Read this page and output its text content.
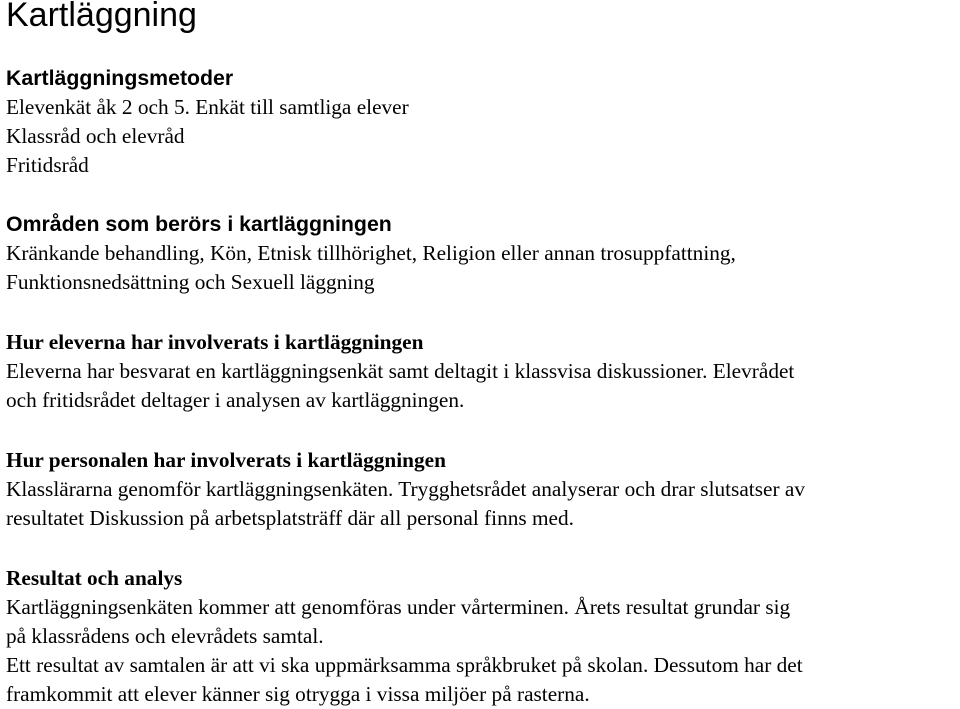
Kartläggning
Kartläggningsmetoder
Elevenkät åk 2 och 5. Enkät till samtliga elever
Klassråd och elevråd
Fritidsråd
Områden som berörs i kartläggningen
Kränkande behandling, Kön, Etnisk tillhörighet, Religion eller annan trosuppfattning,
Funktionsnedsättning och Sexuell läggning
Hur eleverna har involverats i kartläggningen
Eleverna har besvarat en kartläggningsenkät samt deltagit i klassvisa diskussioner. Elevrådet
och fritidsrådet deltager i analysen av kartläggningen.
Hur personalen har involverats i kartläggningen
Klasslärarna genomför kartläggningsenkäten. Trygghetsrådet analyserar och drar slutsatser av
resultatet Diskussion på arbetsplatsträff där all personal finns med.
Resultat och analys
Kartläggningsenkäten kommer att genomföras under vårterminen. Årets resultat grundar sig
på klassrådens och elevrådets samtal.
Ett resultat av samtalen är att vi ska uppmärksamma språkbruket på skolan. Dessutom har det
framkommit att elever känner sig otrygga i vissa miljöer på rasterna.
